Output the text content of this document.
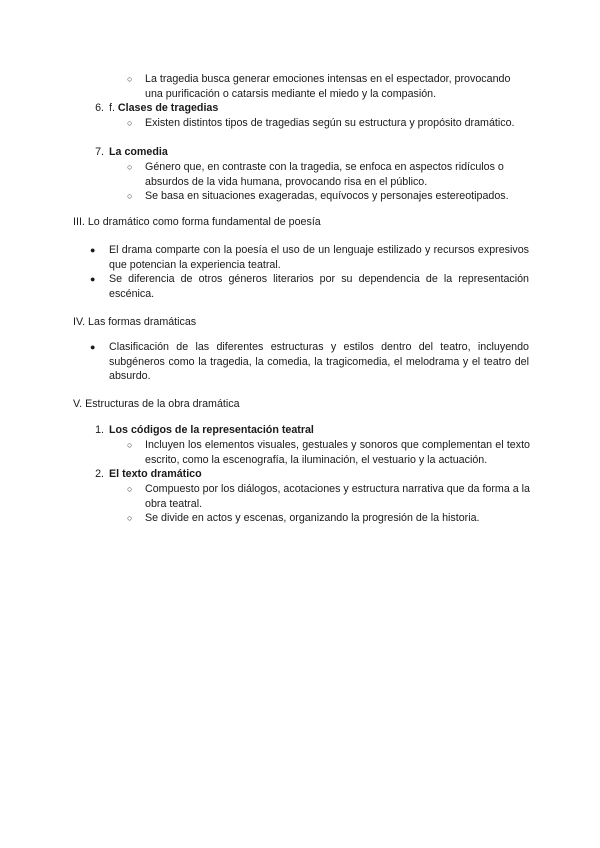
○ La tragedia busca generar emociones intensas en el espectador, provocando una purificación o catarsis mediante el miedo y la compasión.

6. f. Clases de tragedias

○ Existen distintos tipos de tragedias según su estructura y propósito dramático.

7. La comedia

○ Género que, en contraste con la tragedia, se enfoca en aspectos ridículos o absurdos de la vida humana, provocando risa en el público.

○ Se basa en situaciones exageradas, equívocos y personajes estereotipados.

III. Lo dramático como forma fundamental de poesía

● El drama comparte con la poesía el uso de un lenguaje estilizado y recursos expresivos que potencian la experiencia teatral.

● Se diferencia de otros géneros literarios por su dependencia de la representación escénica.

IV. Las formas dramáticas

● Clasificación de las diferentes estructuras y estilos dentro del teatro, incluyendo subgéneros como la tragedia, la comedia, la tragicomedia, el melodrama y el teatro del absurdo.

V. Estructuras de la obra dramática

1. Los códigos de la representación teatral

○ Incluyen los elementos visuales, gestuales y sonoros que complementan el texto escrito, como la escenografía, la iluminación, el vestuario y la actuación.

2. El texto dramático

○ Compuesto por los diálogos, acotaciones y estructura narrativa que da forma a la obra teatral.

○ Se divide en actos y escenas, organizando la progresión de la historia.
